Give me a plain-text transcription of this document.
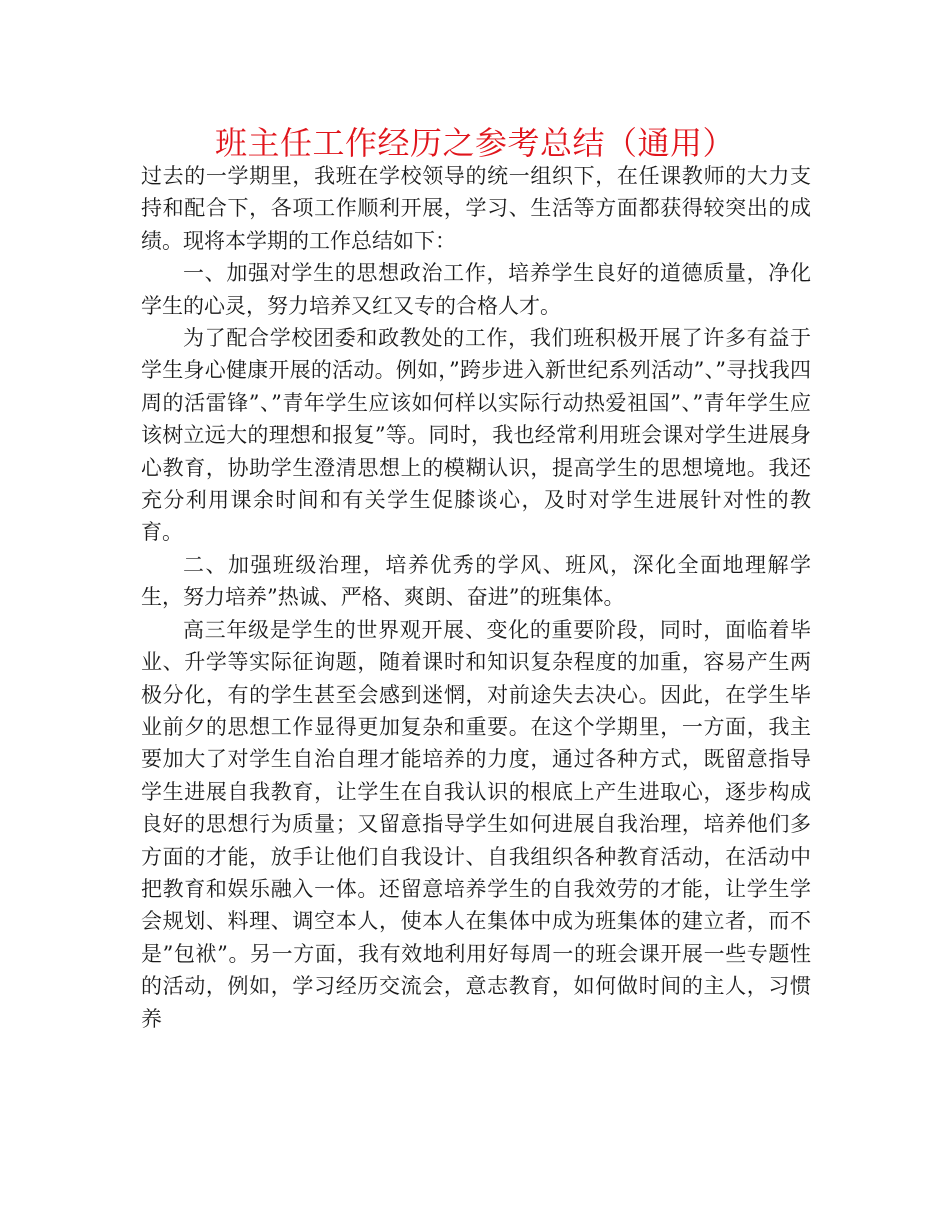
班主任工作经历之参考总结（通用）

过去的一学期里，我班在学校领导的统一组织下，在任课教师的大力支持和配合下，各项工作顺利开展，学习、生活等方面都获得较突出的成绩。现将本学期的工作总结如下：

一、加强对学生的思想政治工作，培养学生良好的道德质量，净化学生的心灵，努力培养又红又专的合格人才。

为了配合学校团委和政教处的工作，我们班积极开展了许多有益于学生身心健康开展的活动。例如，”跨步进入新世纪系列活动”、”寻找我四周的活雷锋”、”青年学生应该如何样以实际行动热爱祖国”、”青年学生应该树立远大的理想和报复”等。同时，我也经常利用班会课对学生进展身心教育，协助学生澄清思想上的模糊认识，提高学生的思想境地。我还充分利用课余时间和有关学生促膝谈心，及时对学生进展针对性的教育。

二、加强班级治理，培养优秀的学风、班风，深化全面地理解学生，努力培养”热诚、严格、爽朗、奋进”的班集体。

高三年级是学生的世界观开展、变化的重要阶段，同时，面临着毕业、升学等实际征询题，随着课时和知识复杂程度的加重，容易产生两极分化，有的学生甚至会感到迷惘，对前途失去决心。因此，在学生毕业前夕的思想工作显得更加复杂和重要。在这个学期里，一方面，我主要加大了对学生自治自理才能培养的力度，通过各种方式，既留意指导学生进展自我教育，让学生在自我认识的根底上产生进取心，逐步构成良好的思想行为质量；又留意指导学生如何进展自我治理，培养他们多方面的才能，放手让他们自我设计、自我组织各种教育活动，在活动中把教育和娱乐融入一体。还留意培养学生的自我效劳的才能，让学生学会规划、料理、调空本人，使本人在集体中成为班集体的建立者，而不是”包袱”。另一方面，我有效地利用好每周一的班会课开展一些专题性的活动，例如，学习经历交流会，意志教育，如何做时间的主人，习惯养
